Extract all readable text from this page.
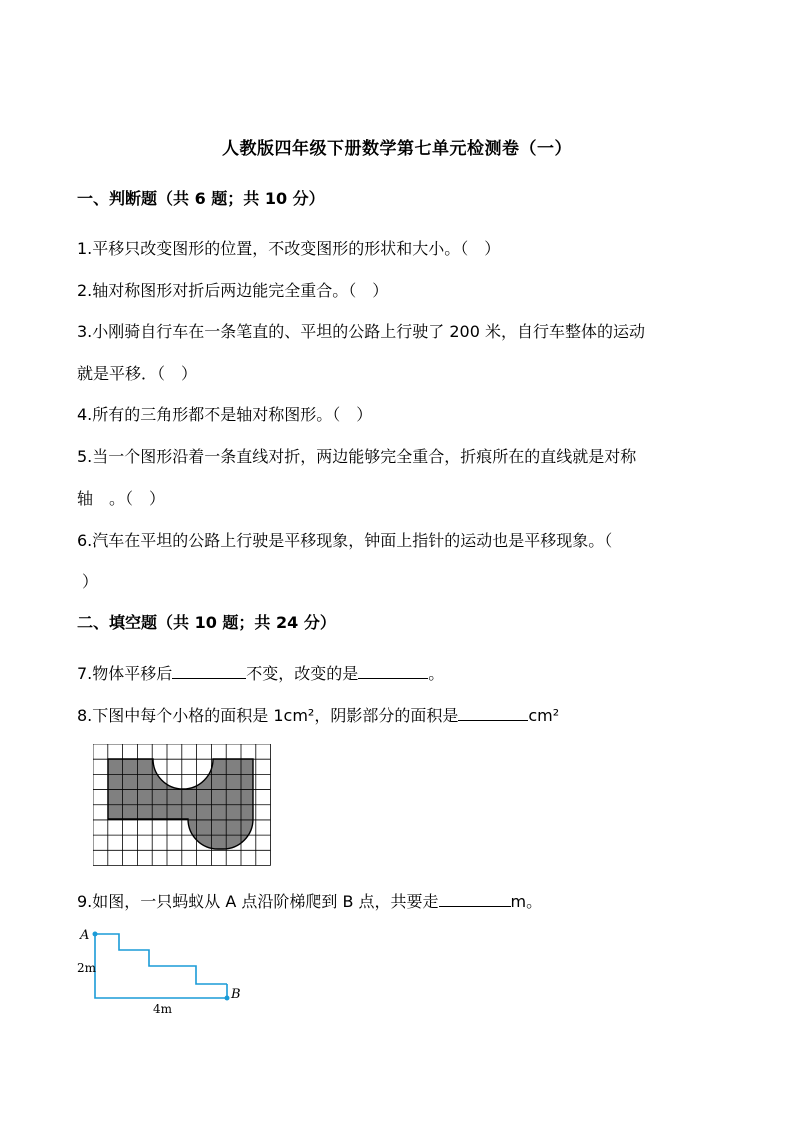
人教版四年级下册数学第七单元检测卷（一）
一、判断题（共 6 题；共 10 分）
1.平移只改变图形的位置，不改变图形的形状和大小。（　）
2.轴对称图形对折后两边能完全重合。（　）
3.小刚骑自行车在一条笔直的、平坦的公路上行驶了 200 米，自行车整体的运动
就是平移．（　）
4.所有的三角形都不是轴对称图形。（　）
5.当一个图形沿着一条直线对折，两边能够完全重合，折痕所在的直线就是对称
轴　。（　）
6.汽车在平坦的公路上行驶是平移现象，钟面上指针的运动也是平移现象。（
）
二、填空题（共 10 题；共 24 分）
7.物体平移后	不变，改变的是	。
8.下图中每个小格的面积是 1cm²，阴影部分的面积是	cm²
9.如图，一只蚂蚁从 A 点沿阶梯爬到 B 点，共要走	m。
A
B
2m
4m
